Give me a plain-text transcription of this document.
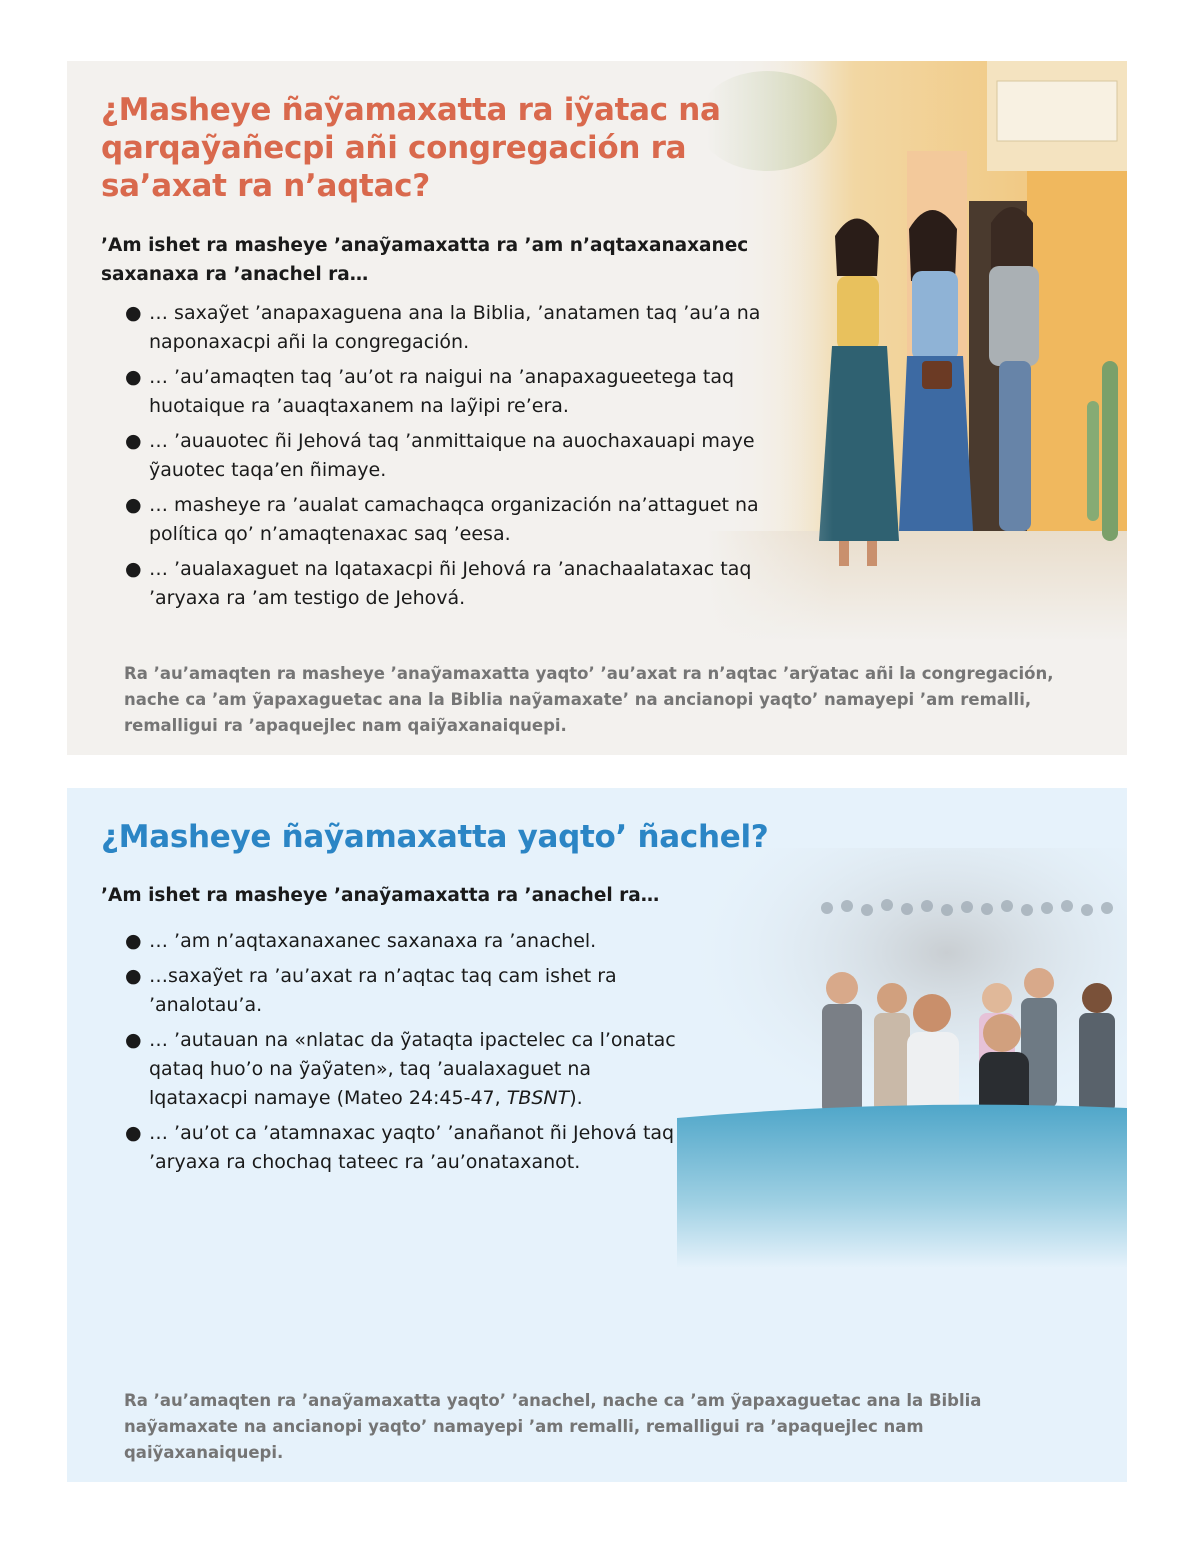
¿Masheye ñaỹamaxatta ra iỹatac na qarqaỹañecpi añi congregación ra sa’axat ra n’aqtac?
’Am ishet ra masheye ’anaỹamaxatta ra ’am n’aqtaxanaxanec saxanaxa ra ’anachel ra…
● … saxaỹet ’anapaxaguena ana la Biblia, ’anatamen taq ’au’a na naponaxacpi añi la congregación.
● … ’au’amaqten taq ’au’ot ra naigui na ’anapaxagueetega taq huotaique ra ’auaqtaxanem na laỹipi re’era.
● … ’auauotec ñi Jehová taq ’anmittaique na auochaxauapi maye ỹauotec taqa’en ñimaye.
● … masheye ra ’aualat camachaqca organización na’attaguet na política qo’ n’amaqtenaxac saq ’eesa.
● … ’aualaxaguet na lqataxacpi ñi Jehová ra ’anachaalataxac taq ’aryaxa ra ’am testigo de Jehová.
Ra ’au’amaqten ra masheye ’anaỹamaxatta yaqto’ ’au’axat ra n’aqtac ’arỹatac añi la congregación, nache ca ’am ỹapaxaguetac ana la Biblia naỹamaxate’ na ancianopi yaqto’ namayepi ’am remalli, remalligui ra ’apaquejlec nam qaiỹaxanaiquepi.
¿Masheye ñaỹamaxatta yaqto’ ñachel?
’Am ishet ra masheye ’anaỹamaxatta ra ’anachel ra…
● … ’am n’aqtaxanaxanec saxanaxa ra ’anachel.
● …saxaỹet ra ’au’axat ra n’aqtac taq cam ishet ra ’analotau’a.
● … ’autauan na «nlatac da ỹataqta ipactelec ca l’onatac qataq huo’o na ỹaỹaten», taq ’aualaxaguet na lqataxacpi namaye (Mateo 24:45-47, TBSNT).
● … ’au’ot ca ’atamnaxac yaqto’ ’anañanot ñi Jehová taq ’aryaxa ra chochaq tateec ra ’au’onataxanot.
Ra ’au’amaqten ra ’anaỹamaxatta yaqto’ ’anachel, nache ca ’am ỹapaxaguetac ana la Biblia naỹamaxate na ancianopi yaqto’ namayepi ’am remalli, remalligui ra ’apaquejlec nam qaiỹaxanaiquepi.
